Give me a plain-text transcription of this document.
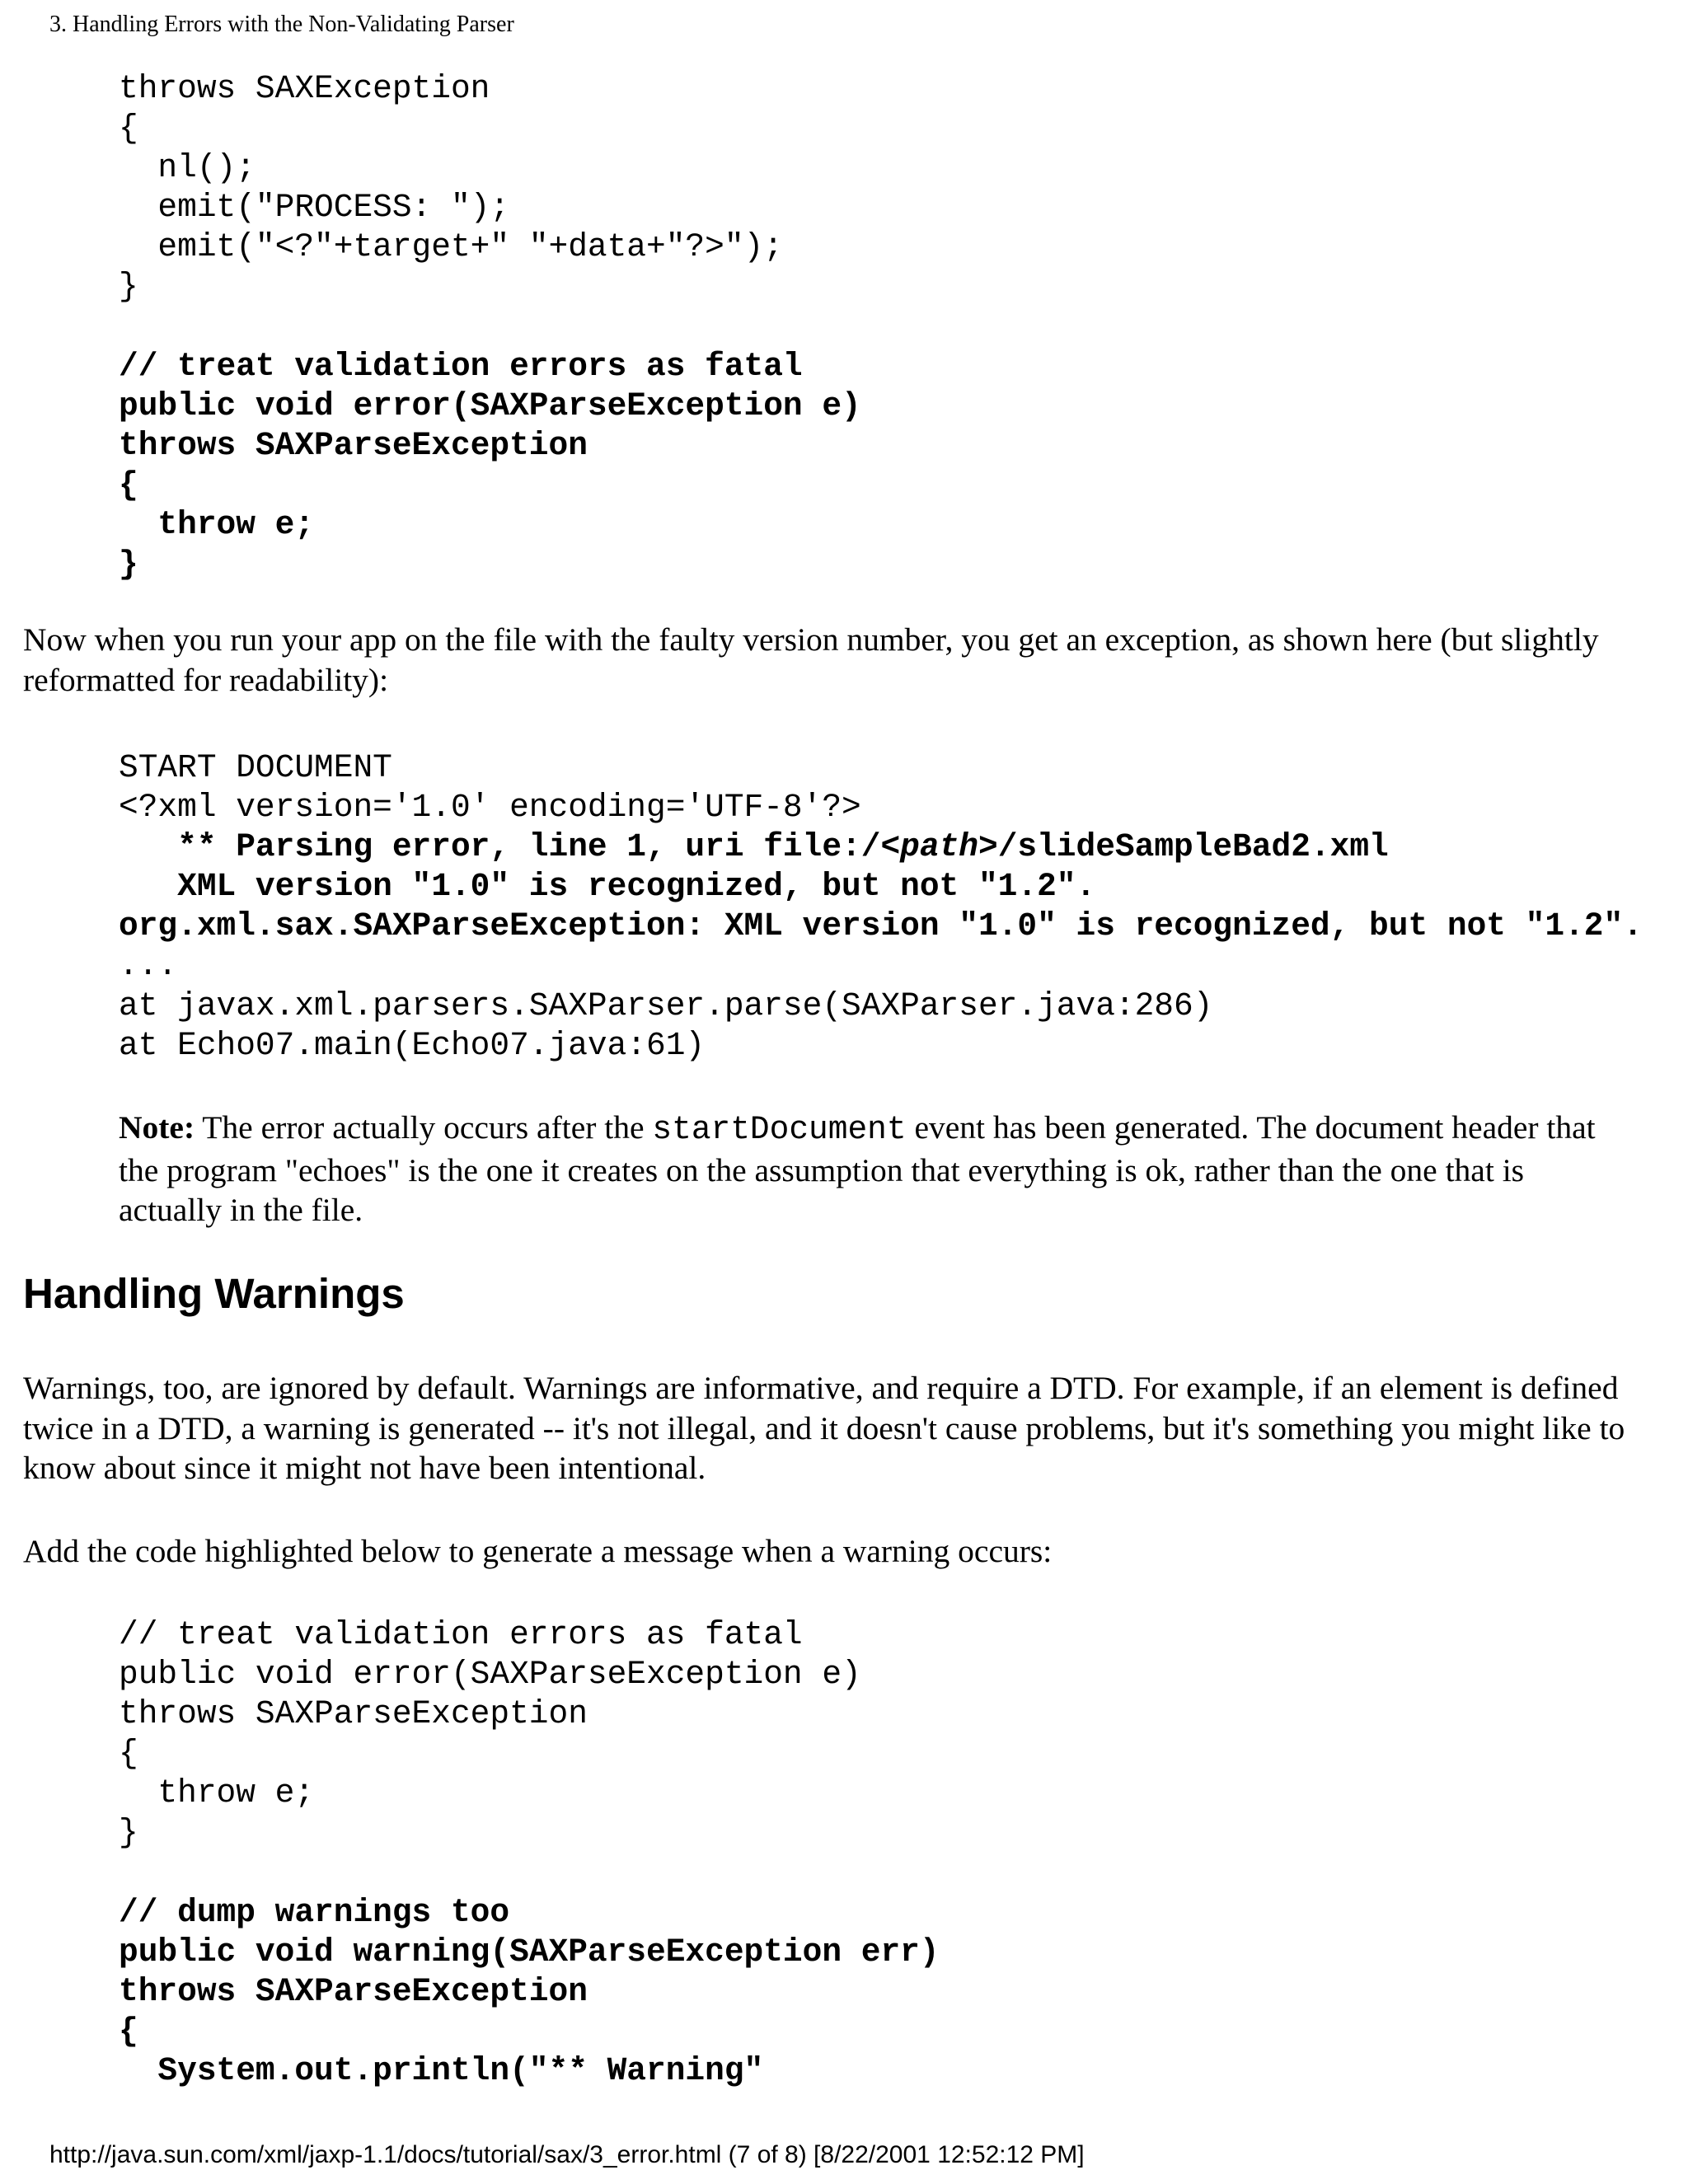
3. Handling Errors with the Non-Validating Parser
throws SAXException
{
nl();
emit("PROCESS: ");
emit("<?"+target+" "+data+"?>");
}
// treat validation errors as fatal
public void error(SAXParseException e)
throws SAXParseException
{
throw e;
}

Now when you run your app on the file with the faulty version number, you get an exception, as shown here (but slightly reformatted for readability):

START DOCUMENT
<?xml version='1.0' encoding='UTF-8'?>
** Parsing error, line 1, uri file:/<path>/slideSampleBad2.xml
XML version "1.0" is recognized, but not "1.2".
org.xml.sax.SAXParseException: XML version "1.0" is recognized, but not "1.2".
...
at javax.xml.parsers.SAXParser.parse(SAXParser.java:286)
at Echo07.main(Echo07.java:61)

Note: The error actually occurs after the startDocument event has been generated. The document header that the program "echoes" is the one it creates on the assumption that everything is ok, rather than the one that is actually in the file.

Handling Warnings

Warnings, too, are ignored by default. Warnings are informative, and require a DTD. For example, if an element is defined twice in a DTD, a warning is generated -- it's not illegal, and it doesn't cause problems, but it's something you might like to know about since it might not have been intentional.

Add the code highlighted below to generate a message when a warning occurs:

// treat validation errors as fatal
public void error(SAXParseException e)
throws SAXParseException
{
throw e;
}
// dump warnings too
public void warning(SAXParseException err)
throws SAXParseException
{
System.out.println("** Warning"
http://java.sun.com/xml/jaxp-1.1/docs/tutorial/sax/3_error.html (7 of 8) [8/22/2001 12:52:12 PM]
